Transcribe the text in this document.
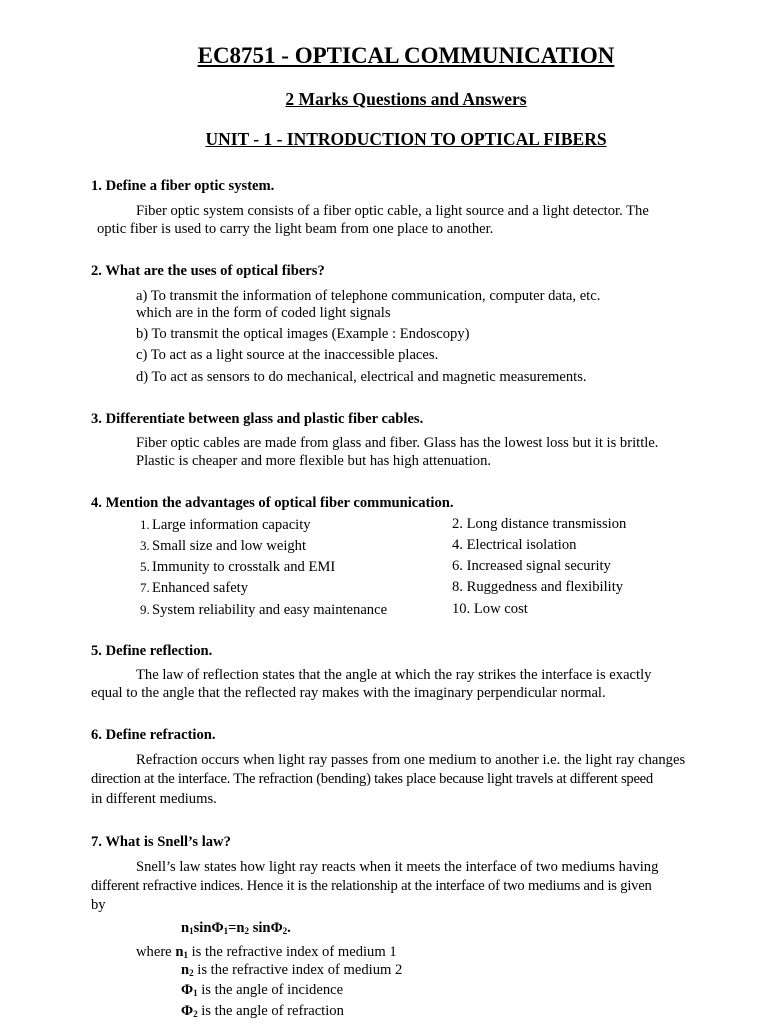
EC8751 - OPTICAL COMMUNICATION
2 Marks Questions and Answers
UNIT - 1 - INTRODUCTION TO OPTICAL FIBERS
1. Define a fiber optic system.
Fiber optic system consists of a fiber optic cable, a light source and a light detector. The
optic fiber is used to carry the light beam from one place to another.
2. What are the uses of optical fibers?
a) To transmit the information of telephone communication, computer data, etc.
which are in the form of coded light signals
b) To transmit the optical images (Example : Endoscopy)
c) To act as a light source at the inaccessible places.
d) To act as sensors to do mechanical, electrical and magnetic measurements.
3. Differentiate between glass and plastic fiber cables.
Fiber optic cables are made from glass and fiber. Glass has the lowest loss but it is brittle.
Plastic is cheaper and more flexible but has high attenuation.
4. Mention the advantages of optical fiber communication.
1. Large information capacity
3. Small size and low weight
5. Immunity to crosstalk and EMI
7. Enhanced safety
9. System reliability and easy maintenance
2. Long distance transmission
4. Electrical isolation
6. Increased signal security
8. Ruggedness and flexibility
10. Low cost
5. Define reflection.
The law of reflection states that the angle at which the ray strikes the interface is exactly
equal to the angle that the reflected ray makes with the imaginary perpendicular normal.
6. Define refraction.
Refraction occurs when light ray passes from one medium to another i.e. the light ray changes
direction at the interface. The refraction (bending) takes place because light travels at different speed
in different mediums.
7. What is Snell’s law?
Snell’s law states how light ray reacts when it meets the interface of two mediums having
different refractive indices. Hence it is the relationship at the interface of two mediums and is given
by
$n_1\sin\Phi_1=n_2$ sinΦ$_2$.
where $n_1$ is the refractive index of medium 1
$n_2$ is the refractive index of medium 2
$\Phi_1$ is the angle of incidence
$\Phi_2$ is the angle of refraction
